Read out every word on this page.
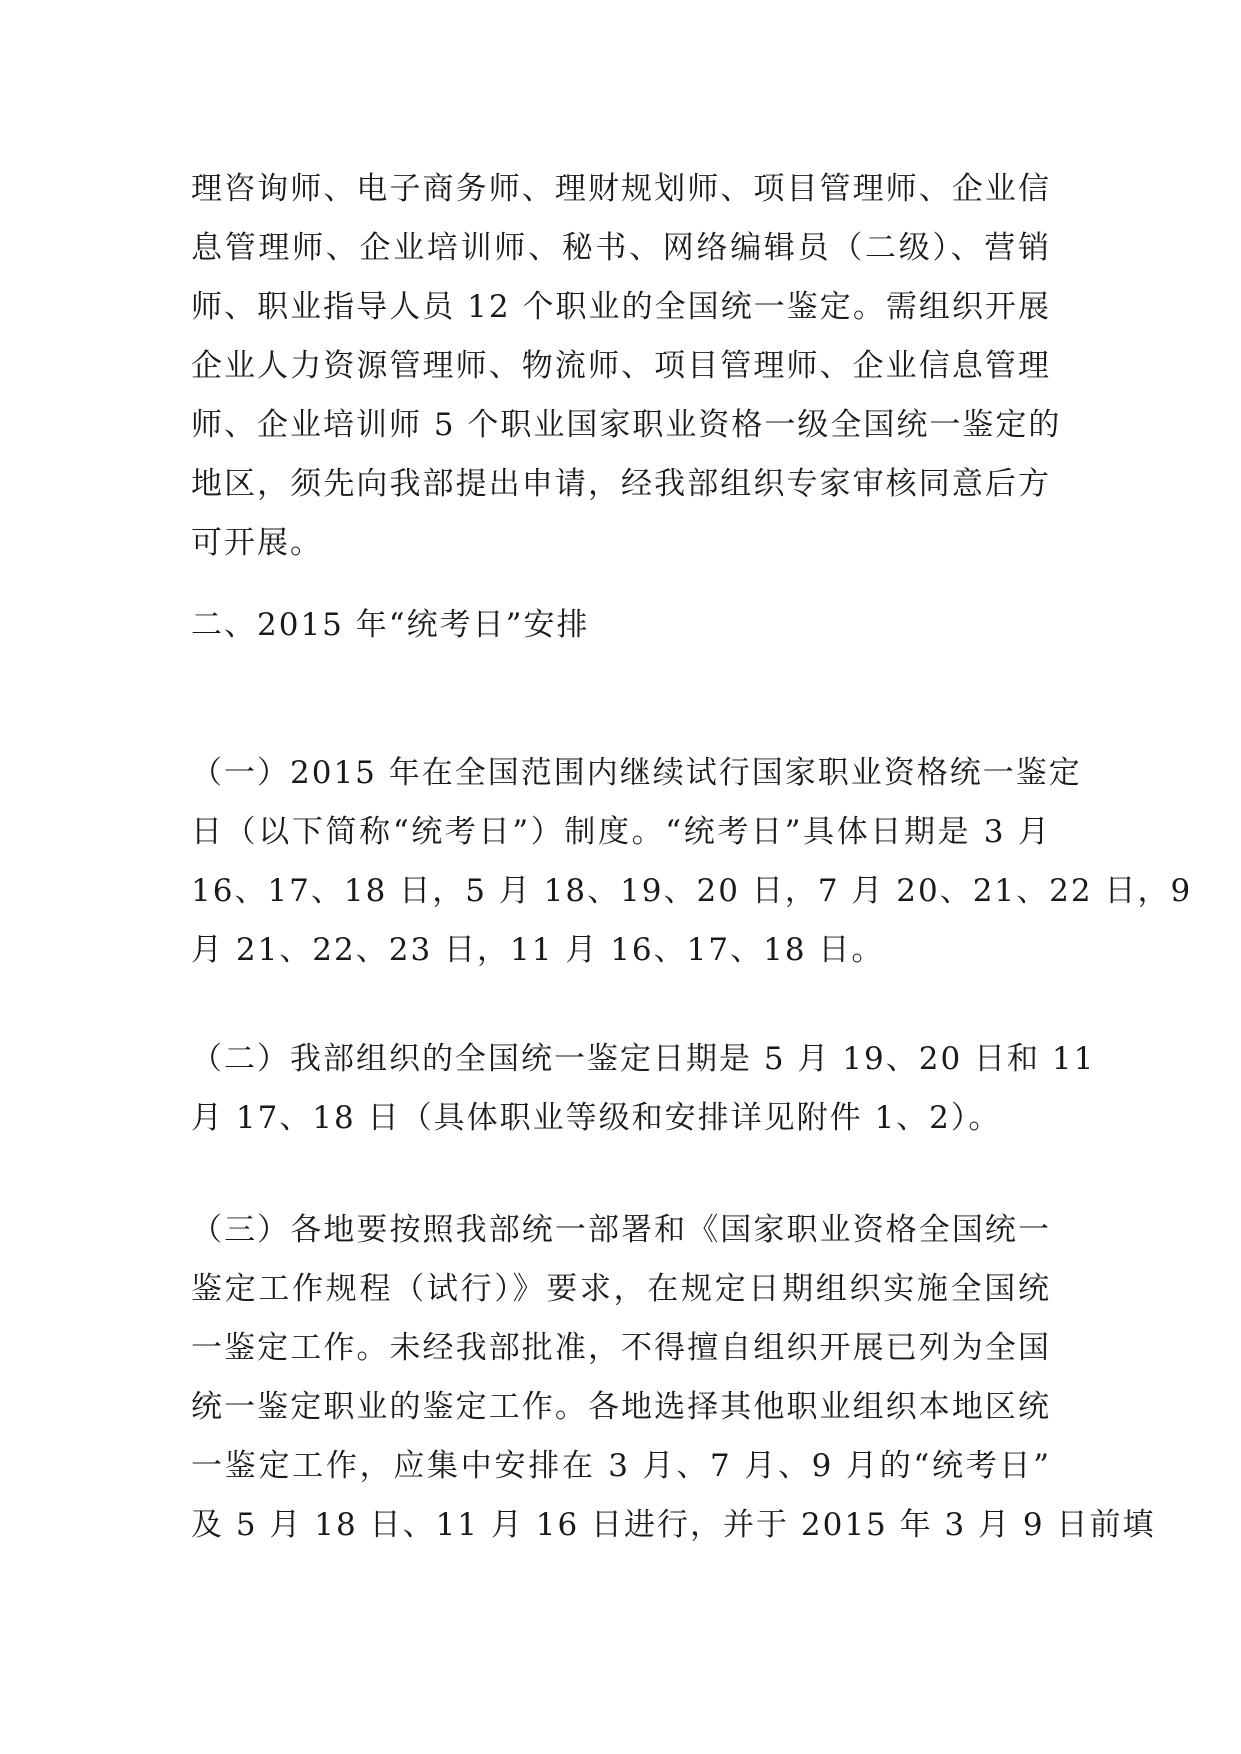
理咨询师、电子商务师、理财规划师、项目管理师、企业信
息管理师、企业培训师、秘书、网络编辑员（二级）、营销
师、职业指导人员 12 个职业的全国统一鉴定。需组织开展
企业人力资源管理师、物流师、项目管理师、企业信息管理
师、企业培训师 5 个职业国家职业资格一级全国统一鉴定的
地区，须先向我部提出申请，经我部组织专家审核同意后方
可开展。
二、2015 年“统考日”安排
（一）2015 年在全国范围内继续试行国家职业资格统一鉴定
日（以下简称“统考日”）制度。“统考日”具体日期是 3 月
16、17、18 日，5 月 18、19、20 日，7 月 20、21、22 日，9
月 21、22、23 日，11 月 16、17、18 日。
（二）我部组织的全国统一鉴定日期是 5 月 19、20 日和 11
月 17、18 日（具体职业等级和安排详见附件 1、2）。
（三）各地要按照我部统一部署和《国家职业资格全国统一
鉴定工作规程（试行）》要求，在规定日期组织实施全国统
一鉴定工作。未经我部批准，不得擅自组织开展已列为全国
统一鉴定职业的鉴定工作。各地选择其他职业组织本地区统
一鉴定工作，应集中安排在 3 月、7 月、9 月的“统考日”
及 5 月 18 日、11 月 16 日进行，并于 2015 年 3 月 9 日前填
